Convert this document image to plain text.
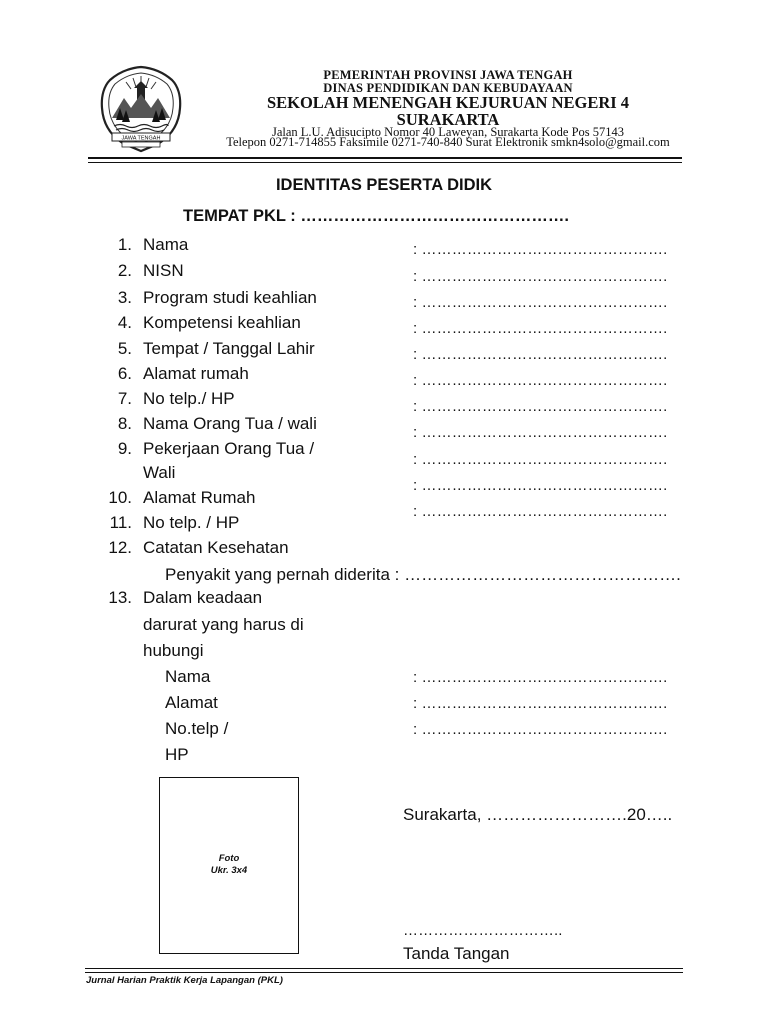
JAWA TENGAH
PEMERINTAH PROVINSI JAWA TENGAH
DINAS PENDIDIKAN DAN KEBUDAYAAN
SEKOLAH MENENGAH KEJURUAN NEGERI 4
SURAKARTA
Jalan L.U. Adisucipto Nomor 40 Laweyan, Surakarta Kode Pos 57143
Telepon 0271-714855 Faksimile 0271-740-840 Surat Elektronik smkn4solo@gmail.com
IDENTITAS PESERTA DIDIK
TEMPAT PKL : ………………………………………….
1. Nama
2. NISN
3. Program studi keahlian
4. Kompetensi keahlian
5. Tempat / Tanggal Lahir
6. Alamat rumah
7. No telp./ HP
8. Nama Orang Tua / wali
9. Pekerjaan Orang Tua /
Wali
10. Alamat Rumah
11. No telp. / HP
12. Catatan Kesehatan
: ………………………………………….
: ………………………………………….
: ………………………………………….
: ………………………………………….
: ………………………………………….
: ………………………………………….
: ………………………………………….
: ………………………………………….
: ………………………………………….
: ………………………………………….
: ………………………………………….
Penyakit yang pernah diderita : ………………………………………….
13. Dalam keadaan
darurat yang harus di
hubungi
Nama
Alamat
No.telp /
HP
: ………………………………………….
: ………………………………………….
: ………………………………………….
Foto
Ukr. 3x4
Surakarta, …………………….20…..
…………………………..
Tanda Tangan
Jurnal Harian Praktik Kerja Lapangan (PKL)
